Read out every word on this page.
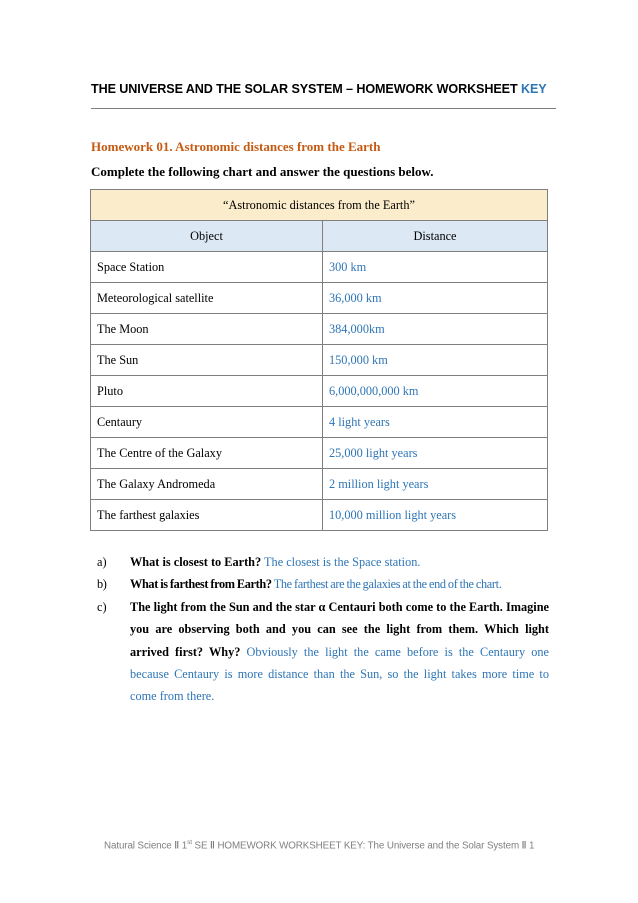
THE UNIVERSE AND THE SOLAR SYSTEM – HOMEWORK WORKSHEET KEY
Homework 01. Astronomic distances from the Earth
Complete the following chart and answer the questions below.
“Astronomic distances from the Earth”	
Object	Distance
Space Station	300 km
Meteorological satellite	36,000 km
The Moon	384,000km
The Sun	150,000 km
Pluto	6,000,000,000 km
Centaury	4 light years
The Centre of the Galaxy	25,000 light years
The Galaxy Andromeda	2 million light years
The farthest galaxies	10,000 million light years
a) What is closest to Earth? The closest is the Space station.
b) What is farthest from Earth? The farthest are the galaxies at the end of the chart.
c) The light from the Sun and the star α Centauri both come to the Earth. Imagine you are observing both and you can see the light from them. Which light arrived first? Why? Obviously the light the came before is the Centaury one because Centaury is more distance than the Sun, so the light takes more time to come from there.
Natural Science ‖ 1st SE ‖ HOMEWORK WORKSHEET KEY: The Universe and the Solar System ‖ 1
